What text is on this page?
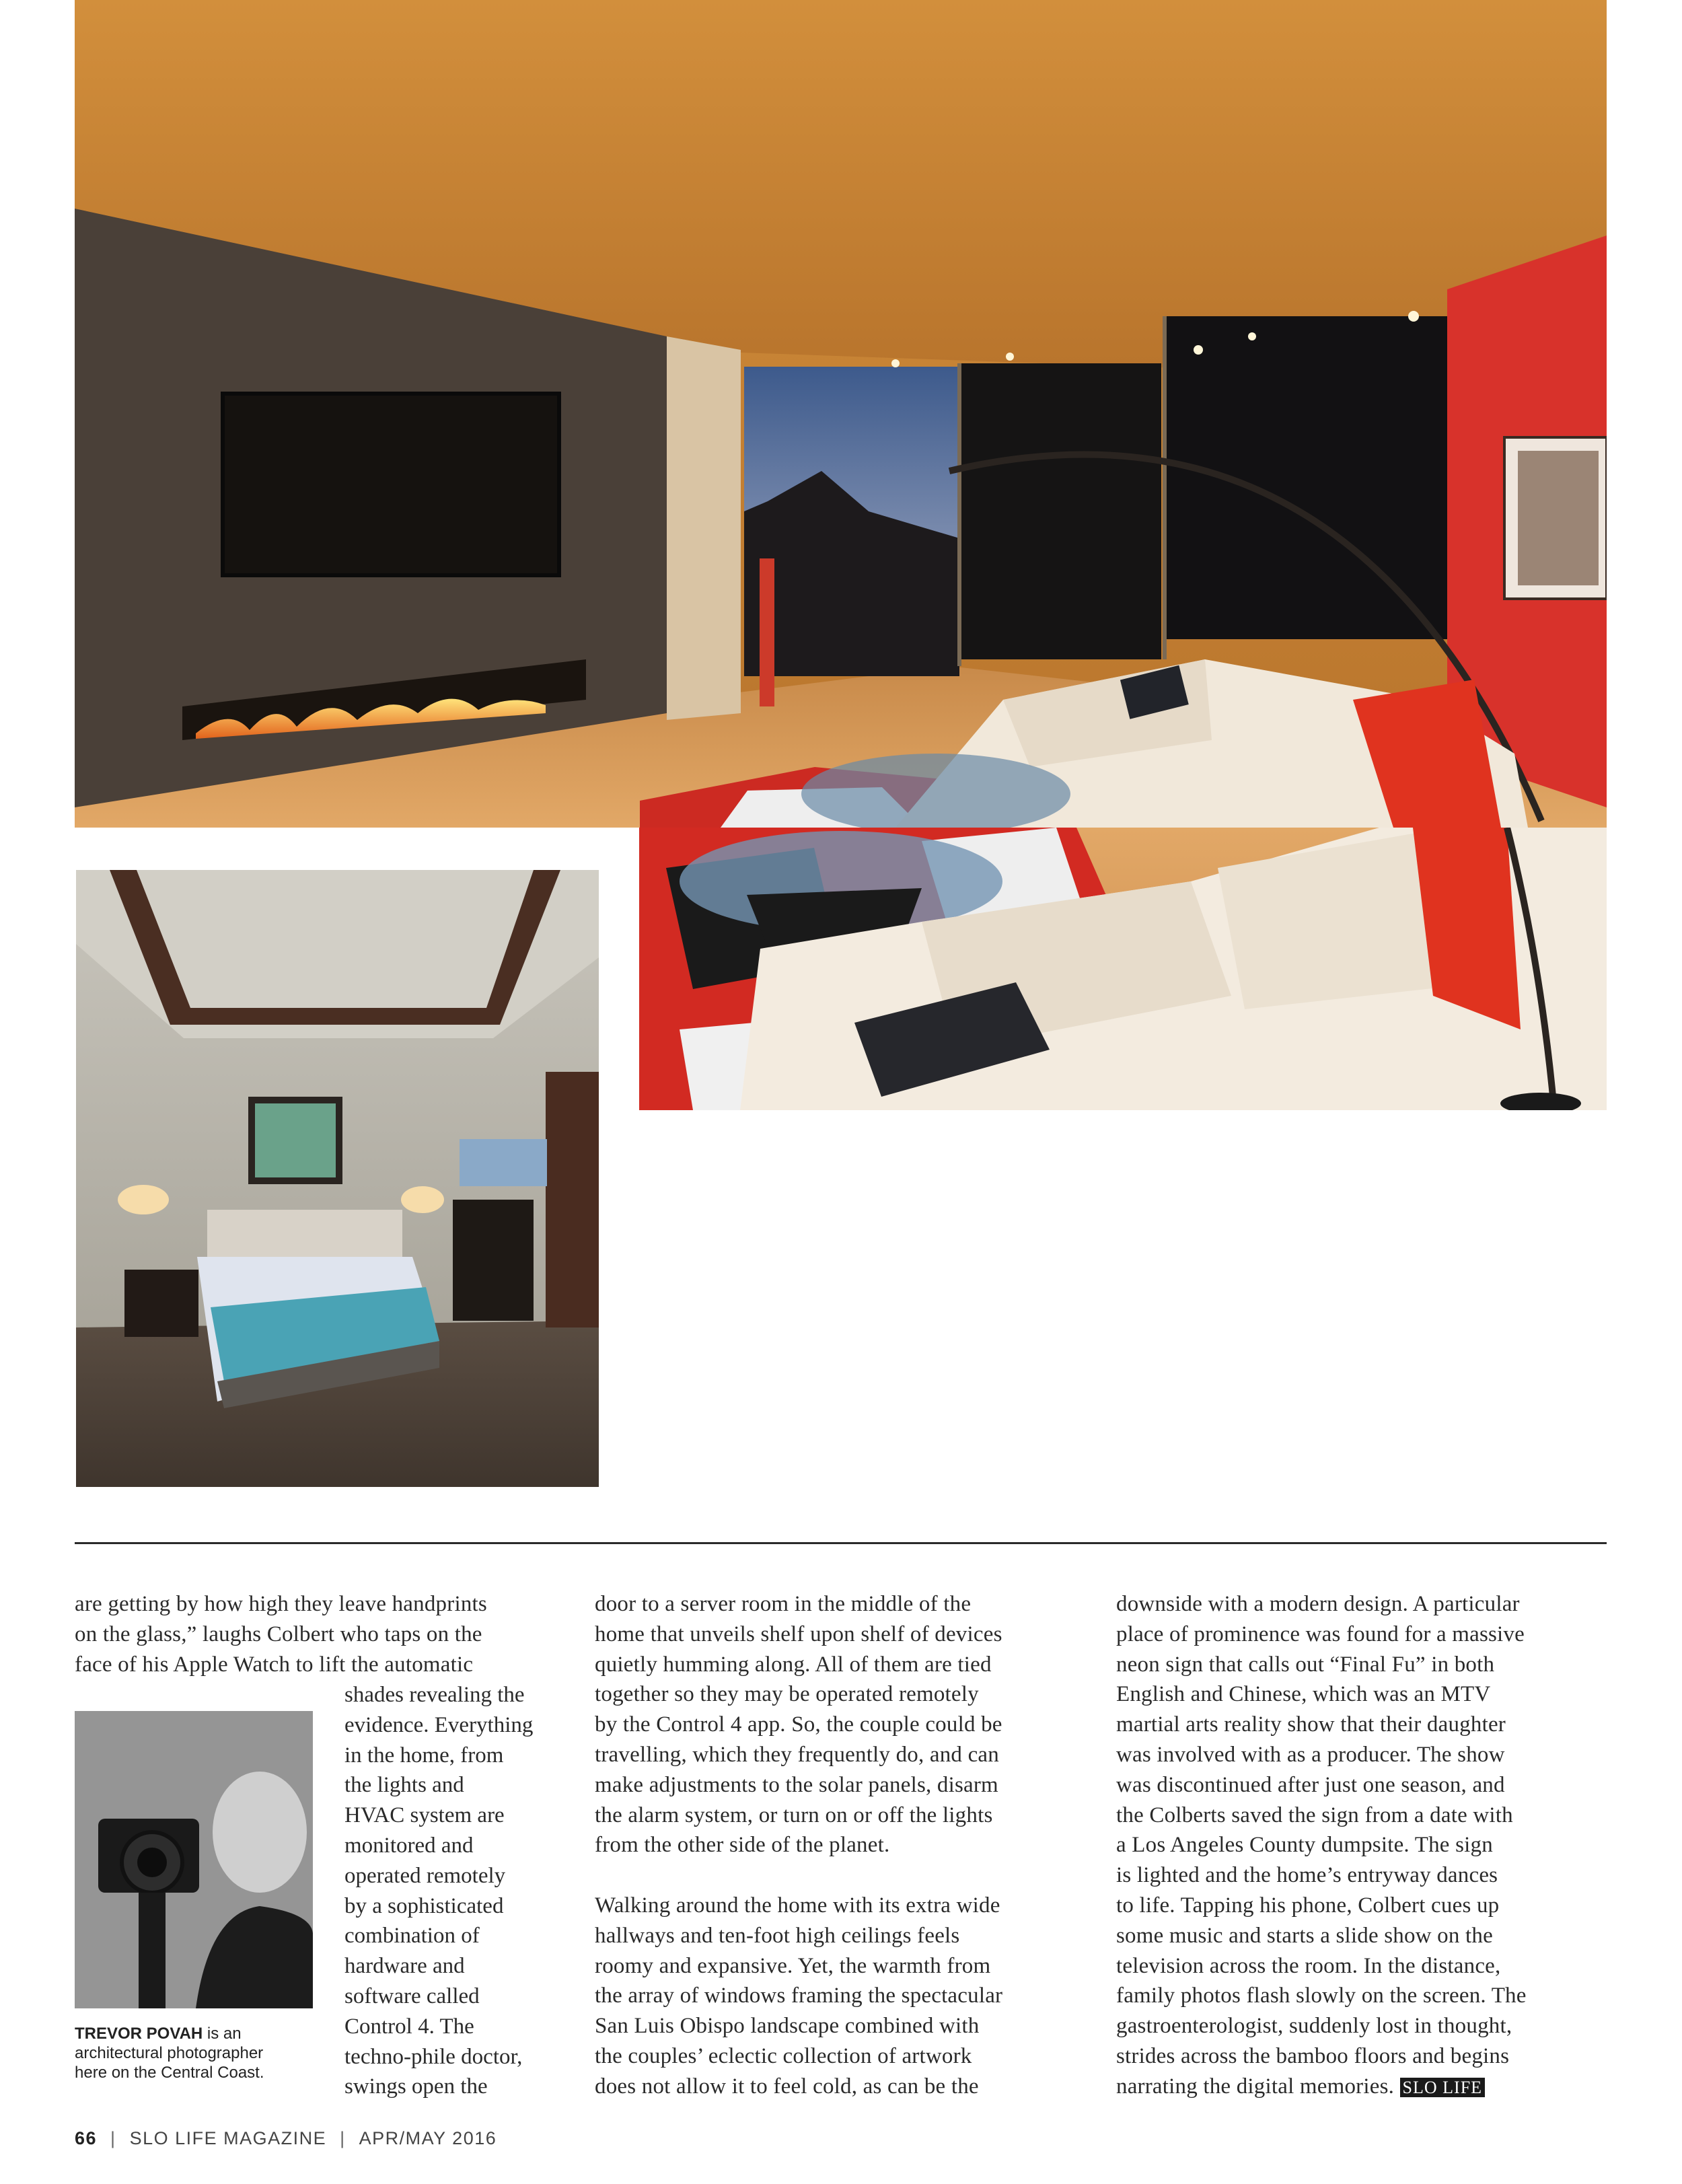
are getting by how high they leave handprints

on the glass,” laughs Colbert who taps on the

face of his Apple Watch to lift the automatic

shades revealing the
evidence. Everything
in the home, from
the lights and
HVAC system are
monitored and
operated remotely
by a sophisticated
combination of
hardware and
software called
Control 4. The
techno-phile doctor,
swings open the
TREVOR POVAH is an
architectural photographer
here on the Central Coast.

door to a server room in the middle of the

home that unveils shelf upon shelf of devices

quietly humming along. All of them are tied

together so they may be operated remotely

by the Control 4 app. So, the couple could be

travelling, which they frequently do, and can

make adjustments to the solar panels, disarm

the alarm system, or turn on or off the lights

from the other side of the planet.

Walking around the home with its extra wide

hallways and ten-foot high ceilings feels

roomy and expansive. Yet, the warmth from

the array of windows framing the spectacular

San Luis Obispo landscape combined with

the couples’ eclectic collection of artwork

does not allow it to feel cold, as can be the

downside with a modern design. A particular

place of prominence was found for a massive

neon sign that calls out “Final Fu” in both

English and Chinese, which was an MTV

martial arts reality show that their daughter

was involved with as a producer. The show

was discontinued after just one season, and

the Colberts saved the sign from a date with

a Los Angeles County dumpsite. The sign

is lighted and the home’s entryway dances

to life. Tapping his phone, Colbert cues up

some music and starts a slide show on the

television across the room. In the distance,

family photos flash slowly on the screen. The

gastroenterologist, suddenly lost in thought,

strides across the bamboo floors and begins

narrating the digital memories. SLO LIFE

66 | SLO LIFE MAGAZINE | APR/MAY 2016
